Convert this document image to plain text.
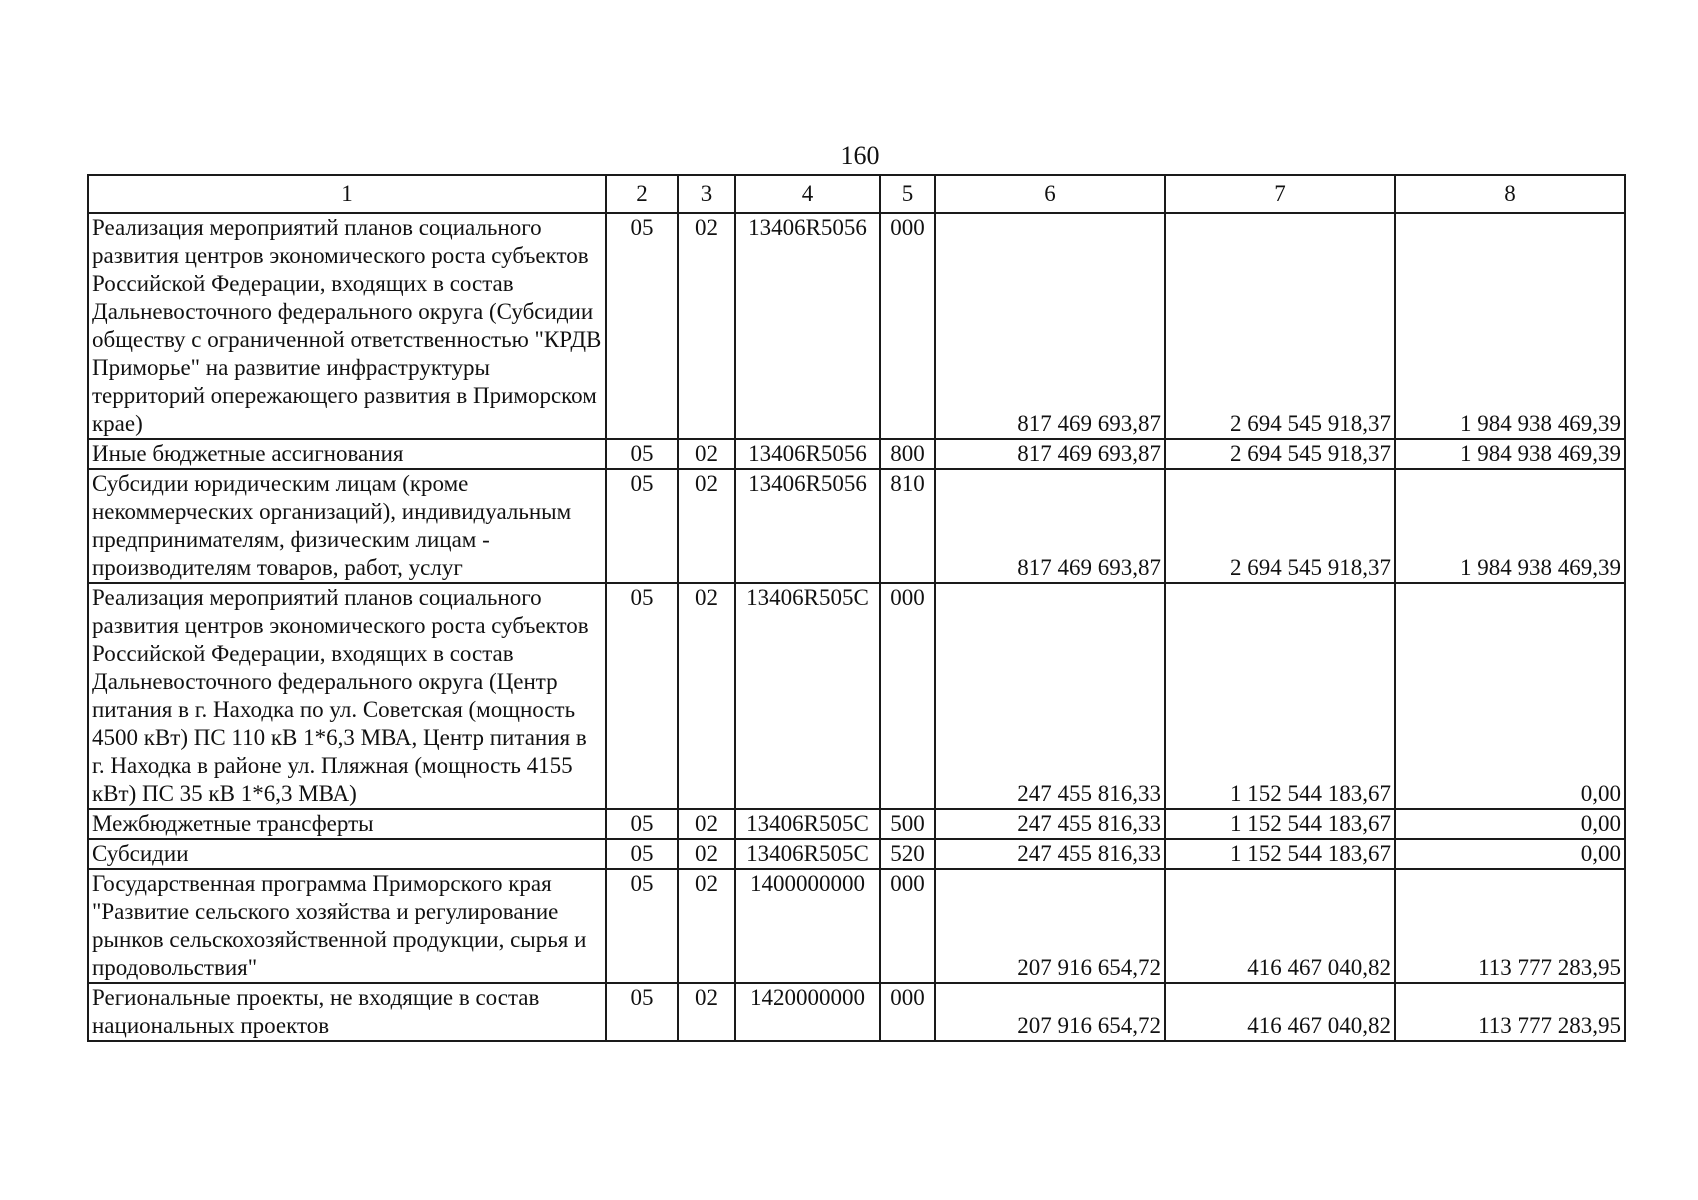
160
1	2	3	4	5	6	7	8
Реализация мероприятий планов социального развития центров экономического роста субъектов Российской Федерации, входящих в состав Дальневосточного федерального округа (Субсидии обществу с ограниченной ответственностью "КРДВ Приморье" на развитие инфраструктуры территорий опережающего развития в Приморском крае)	05	02	13406R5056	000	817 469 693,87	2 694 545 918,37	1 984 938 469,39
Иные бюджетные ассигнования	05	02	13406R5056	800	817 469 693,87	2 694 545 918,37	1 984 938 469,39
Субсидии юридическим лицам (кроме некоммерческих организаций), индивидуальным предпринимателям, физическим лицам - производителям товаров, работ, услуг	05	02	13406R5056	810	817 469 693,87	2 694 545 918,37	1 984 938 469,39
Реализация мероприятий планов социального развития центров экономического роста субъектов Российской Федерации, входящих в состав Дальневосточного федерального округа (Центр питания в г. Находка по ул. Советская (мощность 4500 кВт) ПС 110 кВ 1*6,3 МВА, Центр питания в г. Находка в районе ул. Пляжная (мощность 4155 кВт) ПС 35 кВ 1*6,3 МВА)	05	02	13406R505C	000	247 455 816,33	1 152 544 183,67	0,00
Межбюджетные трансферты	05	02	13406R505C	500	247 455 816,33	1 152 544 183,67	0,00
Субсидии	05	02	13406R505C	520	247 455 816,33	1 152 544 183,67	0,00
Государственная программа Приморского края "Развитие сельского хозяйства и регулирование рынков сельскохозяйственной продукции, сырья и продовольствия"	05	02	1400000000	000	207 916 654,72	416 467 040,82	113 777 283,95
Региональные проекты, не входящие в состав национальных проектов	05	02	1420000000	000	207 916 654,72	416 467 040,82	113 777 283,95
